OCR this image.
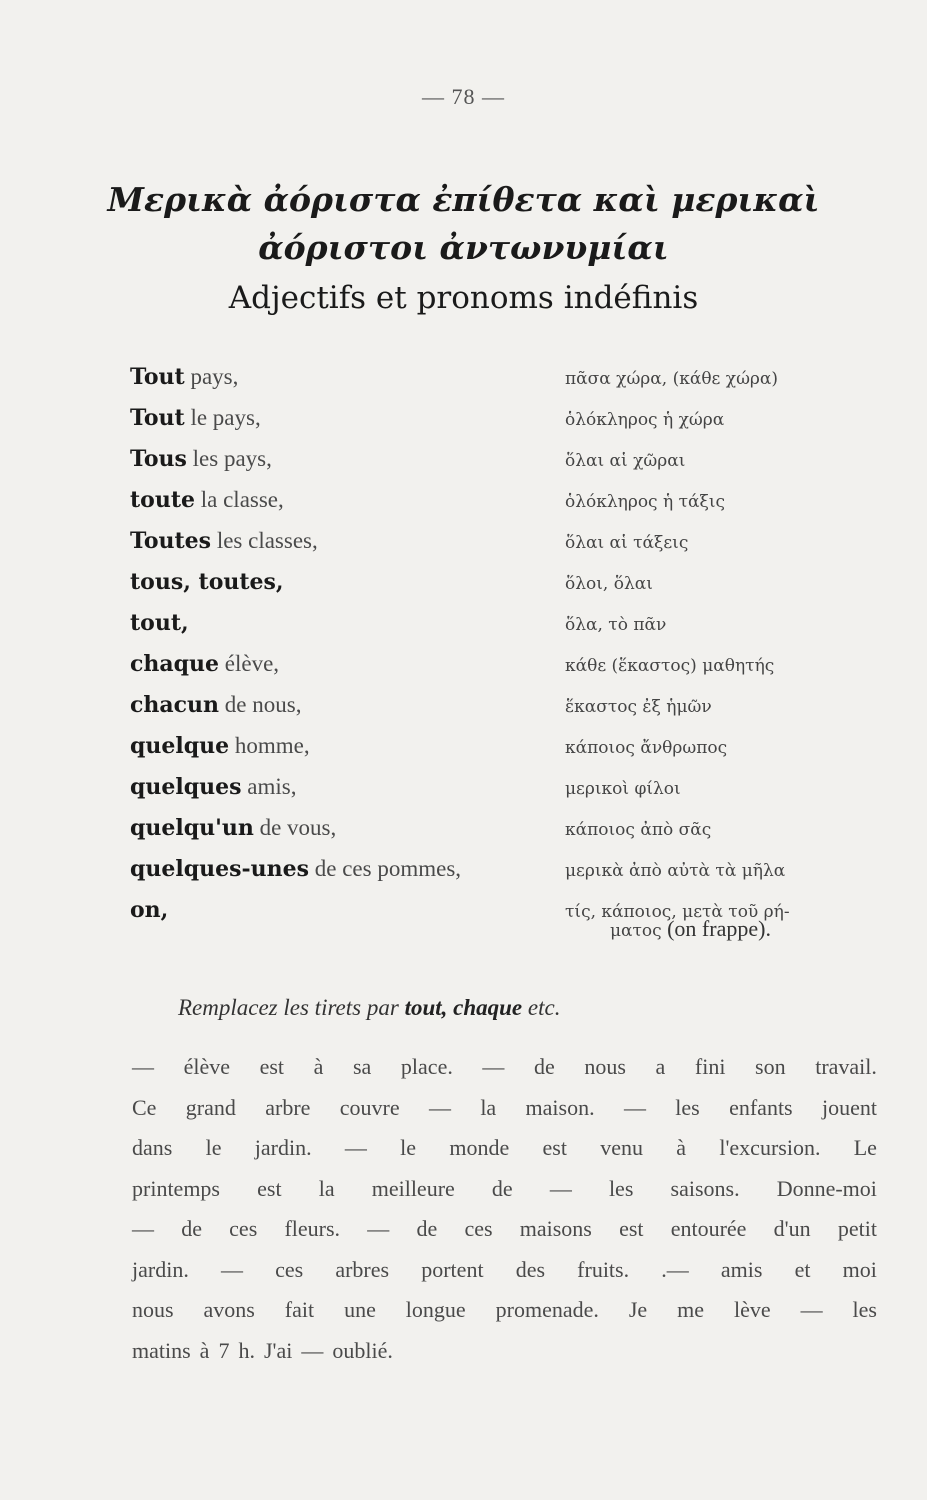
— 78 —
Μερικὰ ἀόριστα ἐπίθετα καὶ μερικαὶ
ἀόριστοι ἀντωνυμίαι
Adjectifs et pronoms indéfinis
Tout pays,	πᾶσα χώρα, (κάθε χώρα)
Tout le pays,	ὁλόκληρος ἡ χώρα
Tous les pays,	ὅλαι αἱ χῶραι
toute la classe,	ὁλόκληρος ἡ τάξις
Toutes les classes,	ὅλαι αἱ τάξεις
tous, toutes,	ὅλοι, ὅλαι
tout,	ὅλα, τὸ πᾶν
chaque élève,	κάθε (ἕκαστος) μαθητής
chacun de nous,	ἕκαστος ἐξ ἡμῶν
quelque homme,	κάποιος ἄνθρωπος
quelques amis,	μερικοὶ φίλοι
quelqu'un de vous,	κάποιος ἀπὸ σᾶς
quelques-unes de ces pommes,	μερικὰ ἀπὸ αὐτὰ τὰ μῆλα
on,	τίς, κάποιος, μετὰ τοῦ ρή-
ματος (on frappe).
Remplacez les tirets par tout, chaque etc.
— élève est à sa place. — de nous a fini son travail.
Ce grand arbre couvre — la maison. — les enfants jouent
dans le jardin. — le monde est venu à l'excursion. Le
printemps est la meilleure de — les saisons. Donne-moi
— de ces fleurs. — de ces maisons est entourée d'un petit
jardin. — ces arbres portent des fruits. .— amis et moi
nous avons fait une longue promenade. Je me lève — les
matins à 7 h. J'ai — oublié.
